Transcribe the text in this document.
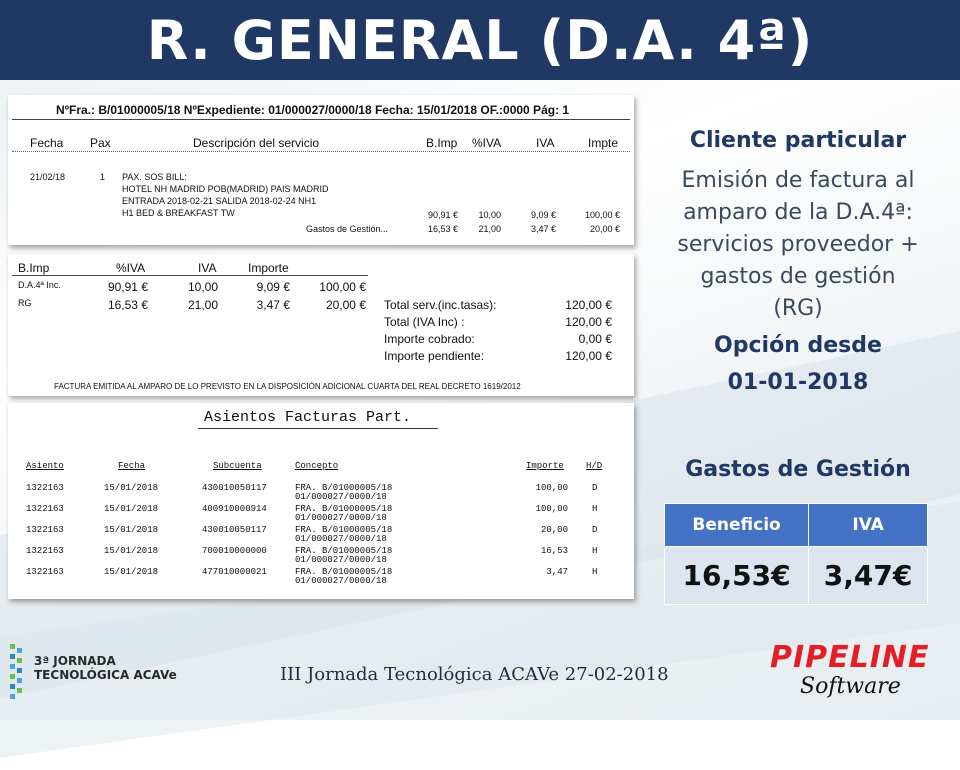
R. GENERAL (D.A. 4ª)
NºFra.: B/01000005/18 NºExpediente: 01/000027/0000/18 Fecha: 15/01/2018 OF.:0000 Pág: 1
Fecha Pax	Descripción del servicio	B.Imp %IVA	IVA	Impte
21/02/18	1 PAX. SOS BILL:
HOTEL NH MADRID POB(MADRID) PAIS MADRID
ENTRADA 2018-02-21 SALIDA 2018-02-24 NH1
H1 BED & BREAKFAST TW	90,91 €	10,00	9,09 €	100,00 €
Gastos de Gestión...	16,53 €	21,00	3,47 €	20,00 €
B.Imp	%IVA	IVA	Importe
D.A.4ª Inc.	90,91 €	10,00	9,09 €	100,00 €
RG	16,53 €	21,00	3,47 €	20,00 € Total serv.(inc.tasas):	120,00 €
Total (IVA Inc) :	120,00 €
Importe cobrado:	0,00 €
Importe pendiente:	120,00 €
FACTURA EMITIDA AL AMPARO DE LO PREVISTO EN LA DISPOSICIÓN ADICIONAL CUARTA DEL REAL DECRETO 1619/2012
Asientos Facturas Part.
Asiento	Fecha	Subcuenta	Concepto	Importe H/D
1322163	15/01/2018	430010050117	FRA. B/01000005/18	100,00	D
01/000027/0000/18
1322163	15/01/2018	400910000914	FRA. B/01000005/18	100,00	H
01/000027/0000/18
1322163	15/01/2018	430010050117	FRA. B/01000005/18	20,00	D
01/000027/0000/18
1322163	15/01/2018	700010000000	FRA. B/01000005/18	16,53	H
01/000027/0000/18
1322163	15/01/2018	477010000021	FRA. B/01000005/18	3,47	H
01/000027/0000/18
Cliente particular
Emisión de factura al
amparo de la D.A.4ª:
servicios proveedor +
gastos de gestión
(RG)
Opción desde
01-01-2018
Gastos de Gestión
Beneficio	IVA
16,53€	3,47€
3ª JORNADA
TECNOLÓGICA ACAVe	III Jornada Tecnológica ACAVe 27-02-2018	PIPELINE
Software
